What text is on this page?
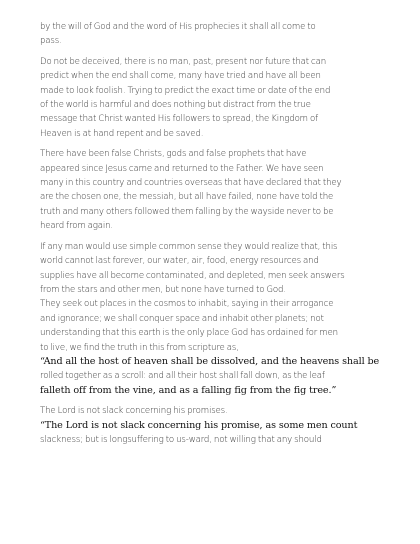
by the will of God and the word of His prophecies it shall all come to
pass.
Do not be deceived, there is no man, past, present nor future that can
predict when the end shall come, many have tried and have all been
made to look foolish. Trying to predict the exact time or date of the end
of the world is harmful and does nothing but distract from the true
message that Christ wanted His followers to spread, the Kingdom of
Heaven is at hand repent and be saved.
There have been false Christs, gods and false prophets that have
appeared since Jesus came and returned to the Father. We have seen
many in this country and countries overseas that have declared that they
are the chosen one, the messiah, but all have failed, none have told the
truth and many others followed them falling by the wayside never to be
heard from again.
If any man would use simple common sense they would realize that, this
world cannot last forever, our water, air, food, energy resources and
supplies have all become contaminated, and depleted, men seek answers
from the stars and other men, but none have turned to God.
They seek out places in the cosmos to inhabit, saying in their arrogance
and ignorance; we shall conquer space and inhabit other planets; not
understanding that this earth is the only place God has ordained for men
to live, we find the truth in this from scripture as,
“And all the host of heaven shall be dissolved, and the heavens shall be
rolled together as a scroll: and all their host shall fall down, as the leaf
falleth off from the vine, and as a falling fig from the fig tree.”
The Lord is not slack concerning his promises.
“The Lord is not slack concerning his promise, as some men count
slackness; but is longsuffering to us-ward, not willing that any should
